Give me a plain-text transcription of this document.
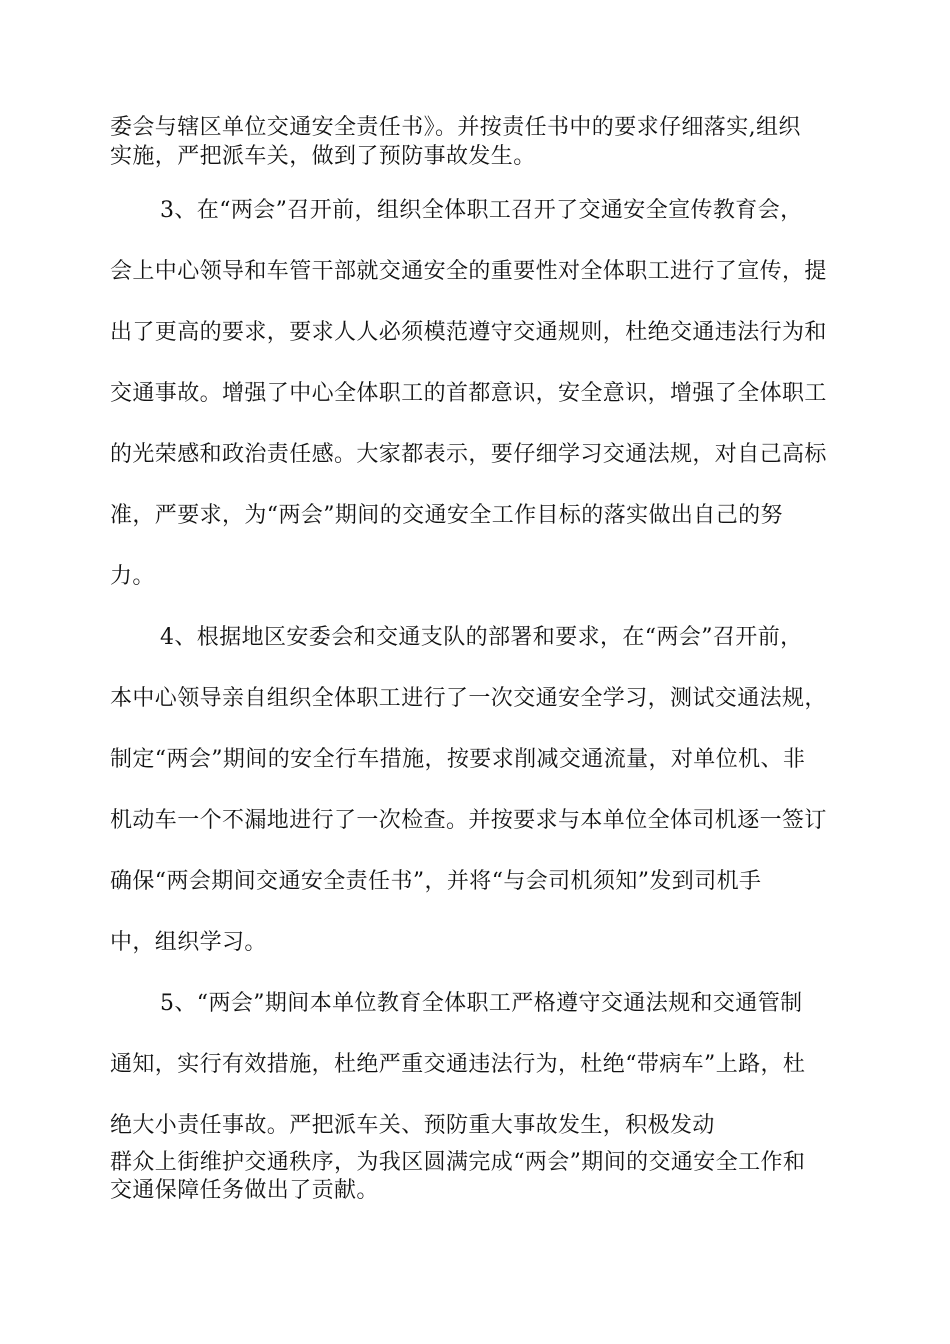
委会与辖区单位交通安全责任书》。并按责任书中的要求仔细落实,组织
实施，严把派车关，做到了预防事故发生。
3、在“两会”召开前，组织全体职工召开了交通安全宣传教育会，
会上中心领导和车管干部就交通安全的重要性对全体职工进行了宣传，提
出了更高的要求，要求人人必须模范遵守交通规则，杜绝交通违法行为和
交通事故。增强了中心全体职工的首都意识，安全意识，增强了全体职工
的光荣感和政治责任感。大家都表示，要仔细学习交通法规，对自己高标
准，严要求，为“两会”期间的交通安全工作目标的落实做出自己的努
力。
4、根据地区安委会和交通支队的部署和要求，在“两会”召开前，
本中心领导亲自组织全体职工进行了一次交通安全学习，测试交通法规，
制定“两会”期间的安全行车措施，按要求削减交通流量，对单位机、非
机动车一个不漏地进行了一次检查。并按要求与本单位全体司机逐一签订
确保“两会期间交通安全责任书”，并将“与会司机须知”发到司机手
中，组织学习。
5、“两会”期间本单位教育全体职工严格遵守交通法规和交通管制
通知，实行有效措施，杜绝严重交通违法行为，杜绝“带病车”上路，杜
绝大小责任事故。严把派车关、预防重大事故发生，积极发动
群众上街维护交通秩序，为我区圆满完成“两会”期间的交通安全工作和
交通保障任务做出了贡献。
